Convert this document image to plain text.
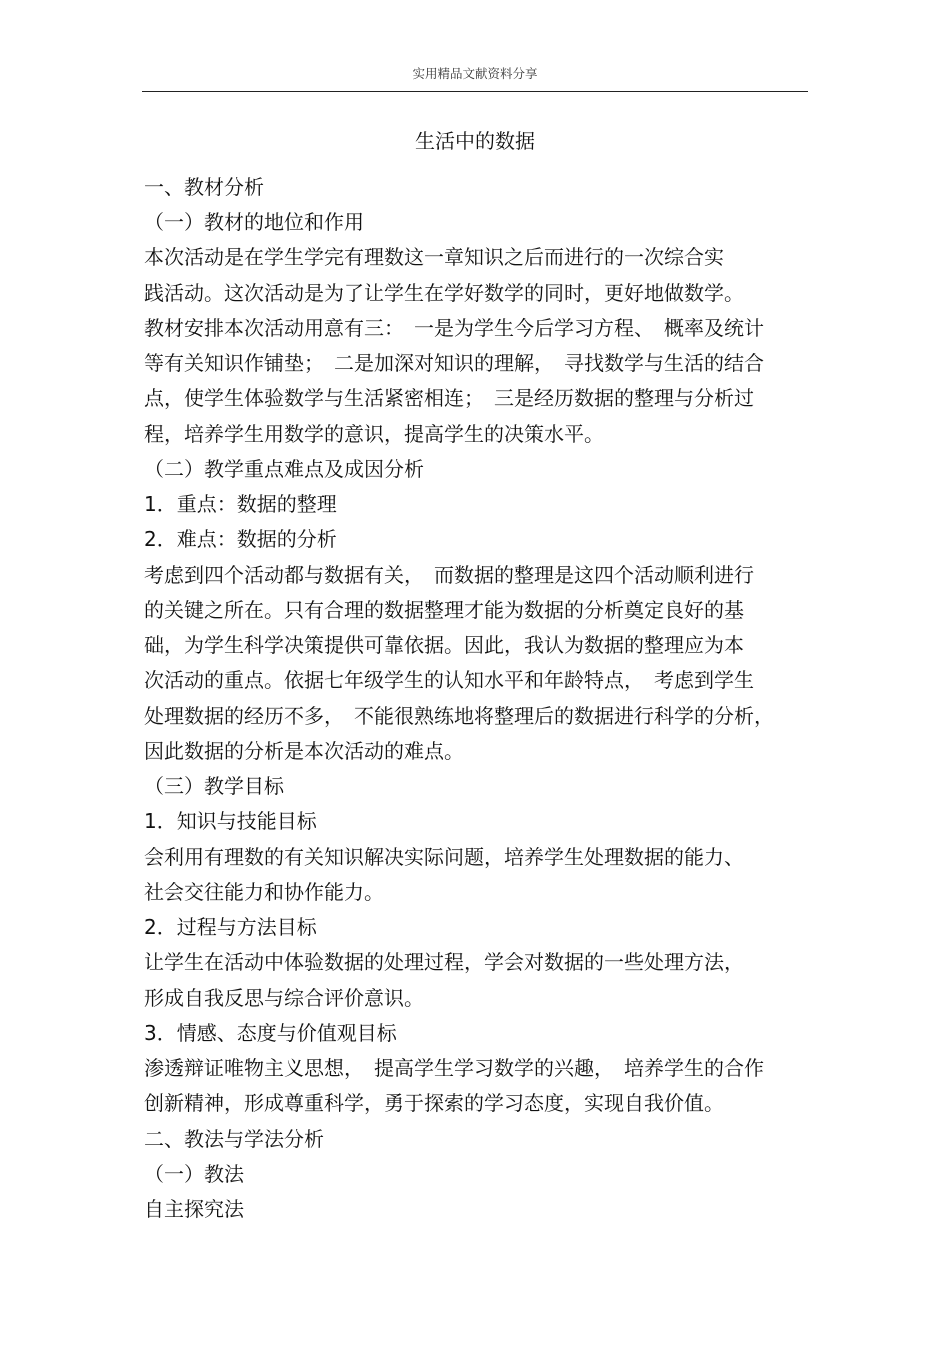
实用精品文献资料分享
生活中的数据
一、教材分析
（一）教材的地位和作用
本次活动是在学生学完有理数这一章知识之后而进行的一次综合实
践活动。这次活动是为了让学生在学好数学的同时，更好地做数学。
教材安排本次活动用意有三：　一是为学生今后学习方程、　概率及统计
等有关知识作铺垫；　二是加深对知识的理解，　寻找数学与生活的结合
点，使学生体验数学与生活紧密相连；　三是经历数据的整理与分析过
程，培养学生用数学的意识，提高学生的决策水平。
（二）教学重点难点及成因分析
1．重点：数据的整理
2．难点：数据的分析
考虑到四个活动都与数据有关，　而数据的整理是这四个活动顺利进行
的关键之所在。只有合理的数据整理才能为数据的分析奠定良好的基
础，为学生科学决策提供可靠依据。因此，我认为数据的整理应为本
次活动的重点。依据七年级学生的认知水平和年龄特点，　考虑到学生
处理数据的经历不多，　不能很熟练地将整理后的数据进行科学的分析，
因此数据的分析是本次活动的难点。
（三）教学目标
1．知识与技能目标
会利用有理数的有关知识解决实际问题，培养学生处理数据的能力、
社会交往能力和协作能力。
2．过程与方法目标
让学生在活动中体验数据的处理过程，学会对数据的一些处理方法，
形成自我反思与综合评价意识。
3．情感、态度与价值观目标
渗透辩证唯物主义思想，　提高学生学习数学的兴趣，　培养学生的合作
创新精神，形成尊重科学，勇于探索的学习态度，实现自我价值。
二、教法与学法分析
（一）教法
自主探究法
